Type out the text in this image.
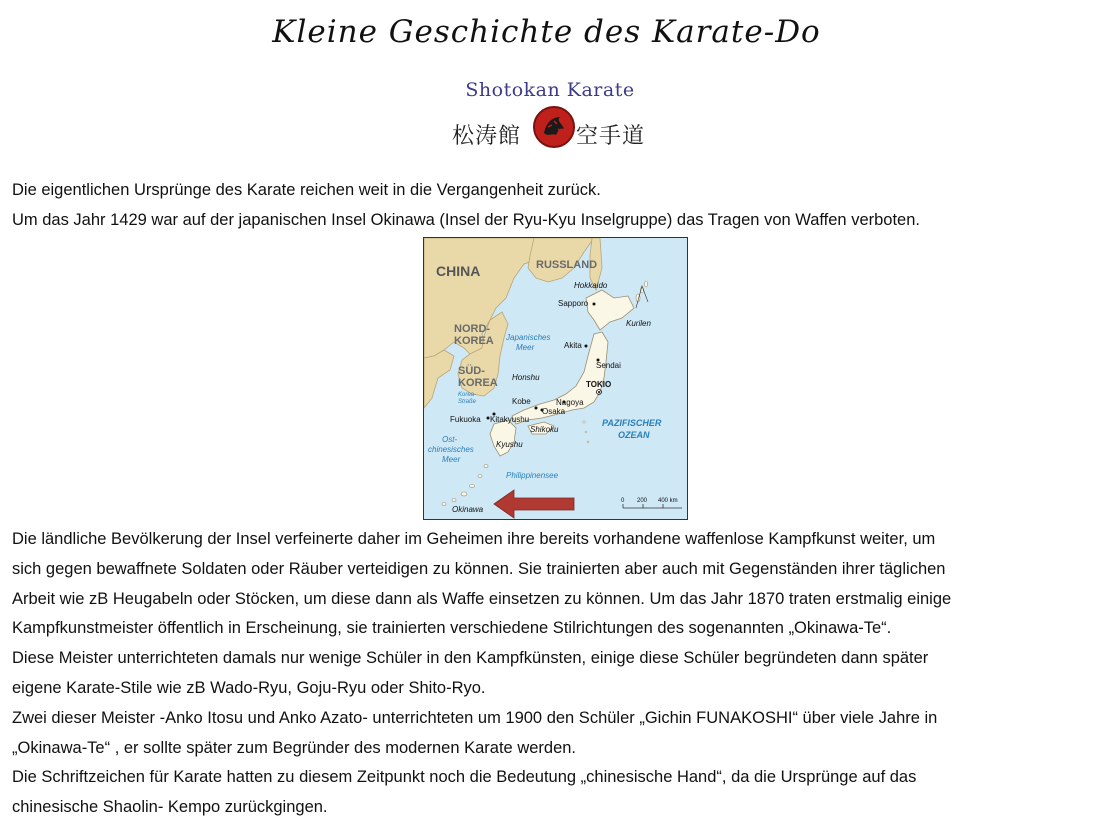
Kleine Geschichte des Karate-Do
Shotokan Karate
松涛館 空手道
Die eigentlichen Ursprünge des Karate reichen weit in die Vergangenheit zurück.
Um das Jahr 1429 war auf der japanischen Insel Okinawa (Insel der Ryu-Kyu Inselgruppe) das Tragen von Waffen verboten.
CHINA	RUSSLAND
NORD-
KOREA
SÜD-
KOREA
Japanisches
Meer
Korea-
Straße
Ost-
chinesisches
Meer
Philippinensee
PAZIFISCHER
OZEAN
Hokkaido
Sapporo
Kurilen
Akita
Sendai
Honshu
TOKIO
Kobe	Nagoya
Osaka
Fukuoka Kitakyushu
Shikoku
Kyushu
Okinawa
0 200 400 km

Die ländliche Bevölkerung der Insel verfeinerte daher im Geheimen ihre bereits vorhandene waffenlose Kampfkunst weiter, um

sich gegen bewaffnete Soldaten oder Räuber verteidigen zu können. Sie trainierten aber auch mit Gegenständen ihrer täglichen

Arbeit wie zB Heugabeln oder Stöcken, um diese dann als Waffe einsetzen zu können. Um das Jahr 1870 traten erstmalig einige

Kampfkunstmeister öffentlich in Erscheinung, sie trainierten verschiedene Stilrichtungen des sogenannten „Okinawa-Te“.

Diese Meister unterrichteten damals nur wenige Schüler in den Kampfkünsten, einige diese Schüler begründeten dann später

eigene Karate-Stile wie zB Wado-Ryu, Goju-Ryu oder Shito-Ryo.

Zwei dieser Meister -Anko Itosu und Anko Azato- unterrichteten um 1900 den Schüler „Gichin FUNAKOSHI“ über viele Jahre in

„Okinawa-Te“ , er sollte später zum Begründer des modernen Karate werden.

Die Schriftzeichen für Karate hatten zu diesem Zeitpunkt noch die Bedeutung „chinesische Hand“, da die Ursprünge auf das

chinesische Shaolin- Kempo zurückgingen.
